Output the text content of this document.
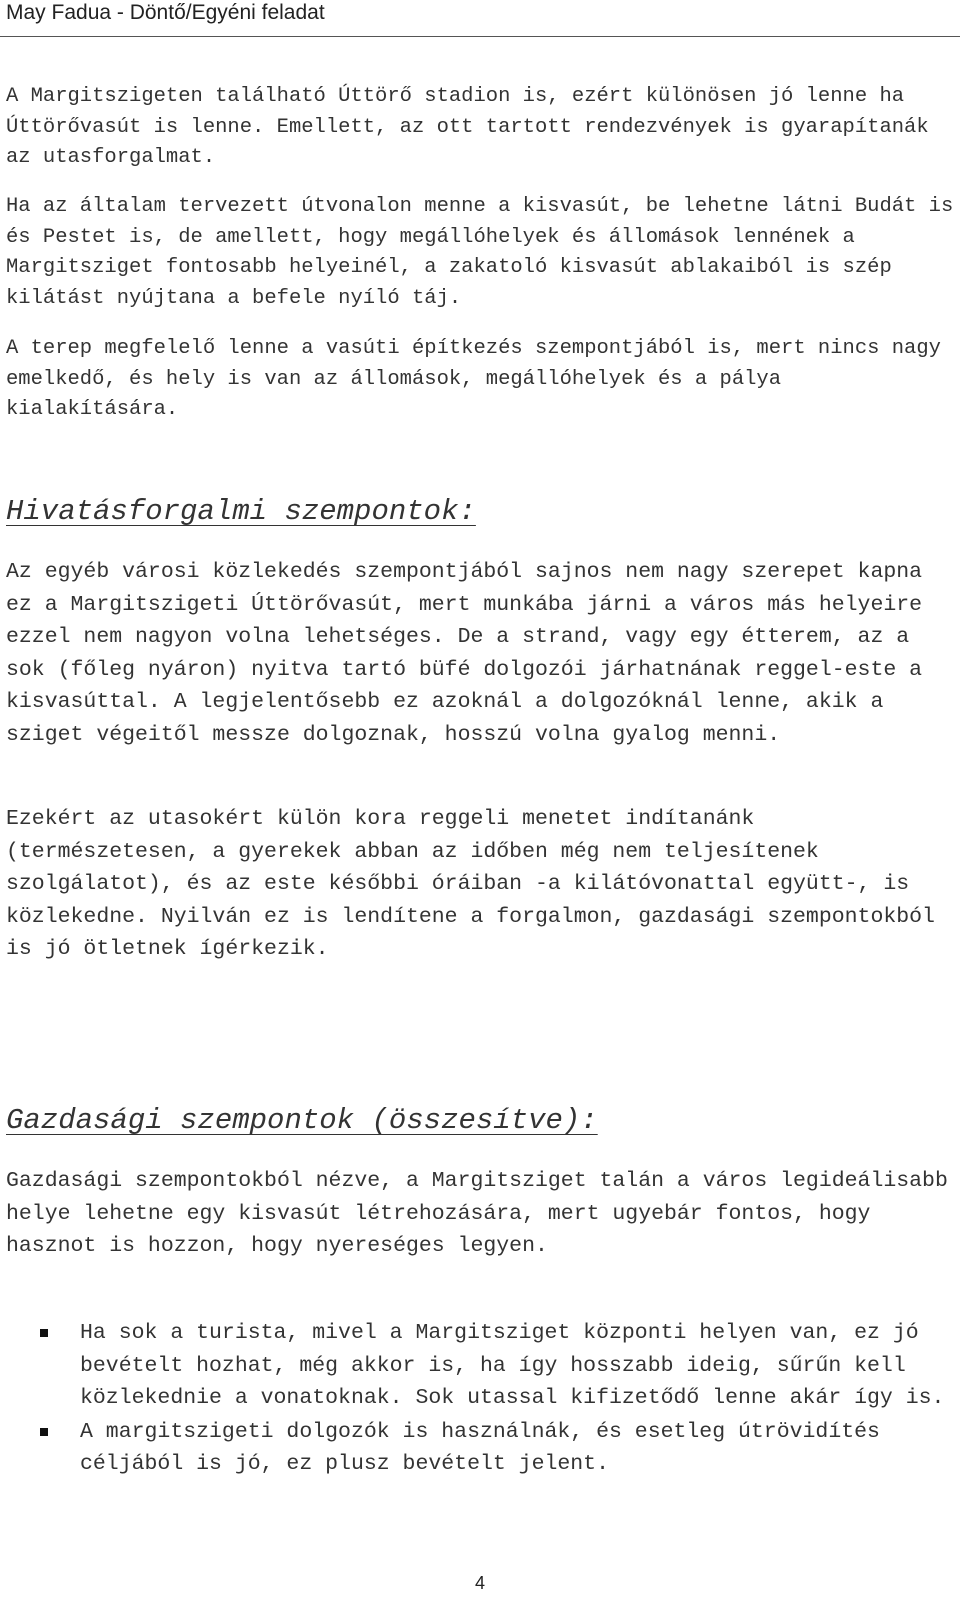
May Fadua - Döntő/Egyéni feladat

A Margitszigeten található Úttörő stadion is, ezért különösen jó lenne ha Úttörővasút is lenne. Emellett, az ott tartott rendezvények is gyarapítanák az utasforgalmat.

Ha az általam tervezett útvonalon menne a kisvasút, be lehetne látni Budát is és Pestet is, de amellett, hogy megállóhelyek és állomások lennének a Margitsziget fontosabb helyeinél, a zakatoló kisvasút ablakaiból is szép kilátást nyújtana a befele nyíló táj.

A terep megfelelő lenne a vasúti építkezés szempontjából is, mert nincs nagy emelkedő, és hely is van az állomások, megállóhelyek és a pálya kialakítására.

Hivatásforgalmi szempontok:

Az egyéb városi közlekedés szempontjából sajnos nem nagy szerepet kapna ez a Margitszigeti Úttörővasút, mert munkába járni a város más helyeire ezzel nem nagyon volna lehetséges. De a strand, vagy egy étterem, az a sok (főleg nyáron) nyitva tartó büfé dolgozói járhatnának reggel-este a kisvasúttal. A legjelentősebb ez azoknál a dolgozóknál lenne, akik a sziget végeitől messze dolgoznak, hosszú volna gyalog menni.

Ezekért az utasokért külön kora reggeli menetet indítanánk (természetesen, a gyerekek abban az időben még nem teljesítenek szolgálatot), és az este későbbi óráiban -a kilátóvonattal együtt-, is közlekedne. Nyilván ez is lendítene a forgalmon, gazdasági szempontokból is jó ötletnek ígérkezik.

Gazdasági szempontok (összesítve):

Gazdasági szempontokból nézve, a Margitsziget talán a város legideálisabb helye lehetne egy kisvasút létrehozására, mert ugyebár fontos, hogy hasznot is hozzon, hogy nyereséges legyen.

Ha sok a turista, mivel a Margitsziget központi helyen van, ez jó bevételt hozhat, még akkor is, ha így hosszabb ideig, sűrűn kell közlekednie a vonatoknak. Sok utassal kifizetődő lenne akár így is.
A margitszigeti dolgozók is használnák, és esetleg útrövidítés céljából is jó, ez plusz bevételt jelent.
4
